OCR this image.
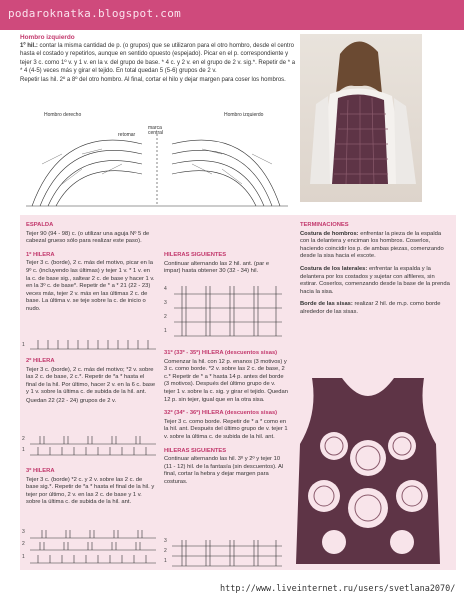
podaroknatka.blogspot.com
Hombro izquierdo

1º hil.: contar la misma cantidad de p. (o grupos) que se utilizaron para el otro hombro, desde el centro hasta el costado y repetirlos, aunque en sentido opuesto (espejado). Picar en el p. correspondiente y tejer 3 c. como 1º v. y 1 v. en la v. del grupo de base. * 4 c. y 2 v. en el grupo de 2 v. sig.*. Repetir de * a * 4 (4-5) veces más y girar el tejido. En total quedan 5 (5-6) grupos de 2 v.

Repetir las hil. 2º a 8º del otro hombro. Al final, cortar el hilo y dejar margen para coser los hombros.

Hombro derecho	Hombro izquierdo
retomar
marca central

ESPALDA

Tejer 90 (94 - 98) c. (o utilizar una aguja Nº 5 de cabezal grueso sólo para realizar este paso).

1º HILERA

Tejer 3 c. (borde), 2 c. más del motivo, picar en la 9º c. (incluyendo las últimas) y tejer 1 v. * 1 v. en la c. de base sig., saltear 2 c. de base y hacer 1 v. en la 3º c. de base*. Repetir de * a * 21 (22 - 23) veces más, tejer 2 v. más en las últimas 2 c. de base. La última v. se teje sobre la c. de inicio o nudo.

1

2º HILERA

Tejer 3 c. (borde), 2 c. más del motivo; *2 v. sobre las 2 c. de base, 2 c.*. Repetir de *a * hasta el final de la hil. Por último, hacer 2 v. en la 6 c. base y 1 v. sobre la última c. de subida de la hil. ant.

Quedan 22 (22 - 24) grupos de 2 v.

2
1

3º HILERA

Tejer 3 c. (borde) *2 c. y 2 v. sobre las 2 c. de base sig.*. Repetir de *a * hasta el final de la hil. y tejer por último, 2 v. en las 2 c. de base y 1 v. sobre la última c. de subida de la hil. ant.

3
2
1

HILERAS SIGUIENTES

Continuar alternando las 2 hil. ant. (par e impar) hasta obtener 30 (32 - 34) hil.

4
3
2
1

31º (33º - 35º) HILERA (descuentos sisas)

Comenzar la hil. con 12 p. enanos (3 motivos) y 3 c. como borde. *2 v. sobre las 2 c. de base, 2 c.* Repetir de * a * hasta 14 p. antes del borde (3 motivos). Después del último grupo de v. tejer 1 v. sobre la c. sig. y girar el tejido. Quedan 12 p. sin tejer, igual que en la otra sisa.

32º (34º - 36º) HILERA (descuentos sisas)

Tejer 3 c. como borde. Repetir de * a * como en la hil. ant. Después del último grupo de v. tejer 1 v. sobre la última c. de subida de la hil. ant.

HILERAS SIGUIENTES

Continuar alternando las hil. 3º y 2º y tejer 10 (11 - 12) hil. de la fantasía (sin descuentos). Al final, cortar la hebra y dejar margen para costuras.

3
2
1

TERMINACIONES

Costura de hombros: enfrentar la pieza de la espalda con la delantera y enciman los hombros. Coserlos, haciendo coincidir los p. de ambas piezas, comenzando desde la sisa hacia el escote.

Costura de los laterales: enfrentar la espalda y la delantera por los costados y sujetar con alfileres, sin estirar. Coserlos, comenzando desde la base de la prenda hacia la sisa.

Borde de las sisas: realizar 2 hil. de m.p. como borde alrededor de las sisas.

http://www.liveinternet.ru/users/svetlana2070/
